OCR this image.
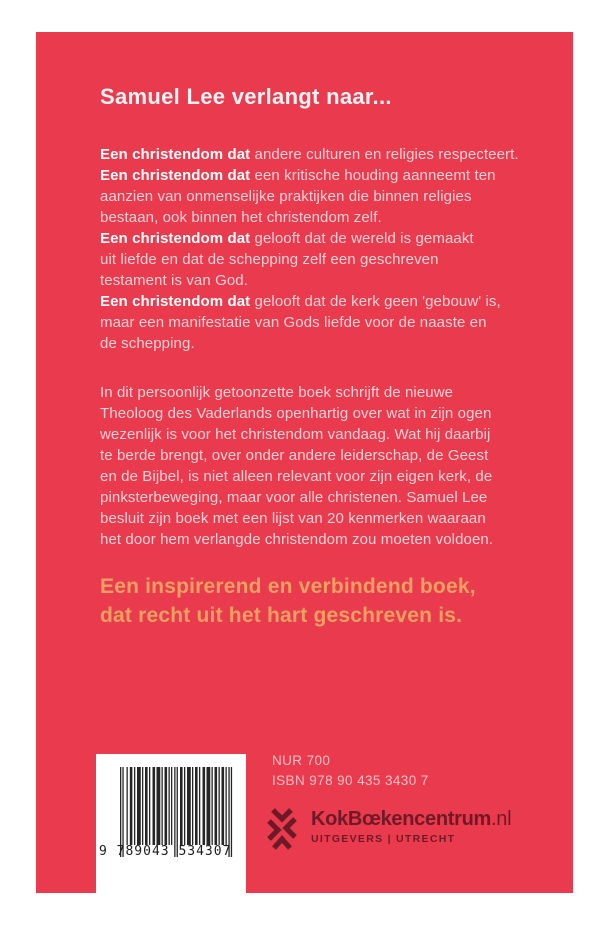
Samuel Lee verlangt naar...
Een christendom dat andere culturen en religies respecteert.
Een christendom dat een kritische houding aanneemt ten
aanzien van onmenselijke praktijken die binnen religies
bestaan, ook binnen het christendom zelf.
Een christendom dat gelooft dat de wereld is gemaakt
uit liefde en dat de schepping zelf een geschreven
testament is van God.
Een christendom dat gelooft dat de kerk geen 'gebouw' is,
maar een manifestatie van Gods liefde voor de naaste en
de schepping.
In dit persoonlijk getoonzette boek schrijft de nieuwe
Theoloog des Vaderlands openhartig over wat in zijn ogen
wezenlijk is voor het christendom vandaag. Wat hij daarbij
te berde brengt, over onder andere leiderschap, de Geest
en de Bijbel, is niet alleen relevant voor zijn eigen kerk, de
pinksterbeweging, maar voor alle christenen. Samuel Lee
besluit zijn boek met een lijst van 20 kenmerken waaraan
het door hem verlangde christendom zou moeten voldoen.
Een inspirerend en verbindend boek,
dat recht uit het hart geschreven is.
9 789043 534307
NUR 700
ISBN 978 90 435 3430 7
KokBœkencentrum.nl
UITGEVERS | UTRECHT
